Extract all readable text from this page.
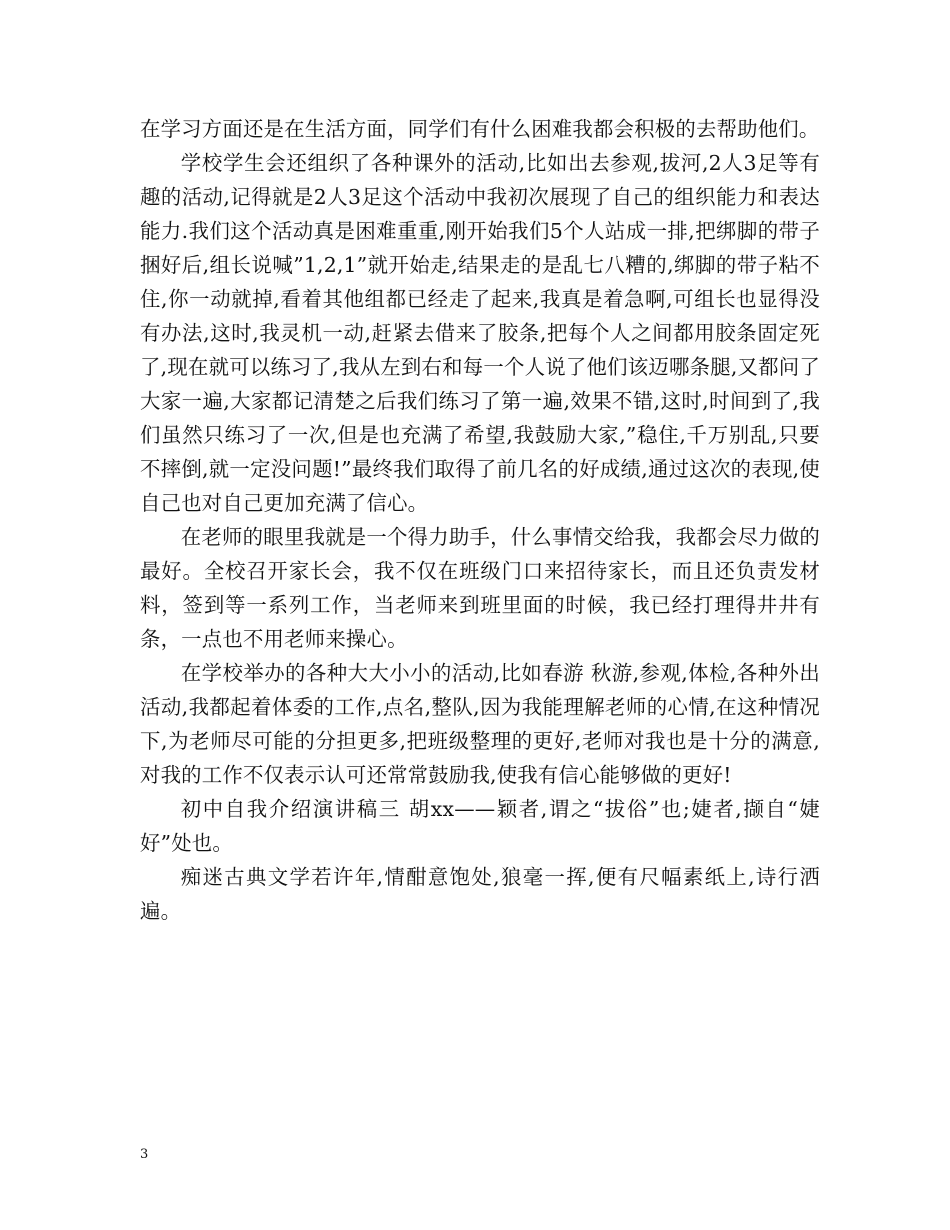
在学习方面还是在生活方面，同学们有什么困难我都会积极的去帮助他们。

学校学生会还组织了各种课外的活动,比如出去参观,拔河,2人3足等有趣的活动,记得就是2人3足这个活动中我初次展现了自己的组织能力和表达能力.我们这个活动真是困难重重,刚开始我们5个人站成一排,把绑脚的带子捆好后,组长说喊”1,2,1”就开始走,结果走的是乱七八糟的,绑脚的带子粘不住,你一动就掉,看着其他组都已经走了起来,我真是着急啊,可组长也显得没有办法,这时,我灵机一动,赶紧去借来了胶条,把每个人之间都用胶条固定死了,现在就可以练习了,我从左到右和每一个人说了他们该迈哪条腿,又都问了大家一遍,大家都记清楚之后我们练习了第一遍,效果不错,这时,时间到了,我们虽然只练习了一次,但是也充满了希望,我鼓励大家,”稳住,千万别乱,只要不摔倒,就一定没问题!”最终我们取得了前几名的好成绩,通过这次的表现,使自己也对自己更加充满了信心。

在老师的眼里我就是一个得力助手，什么事情交给我，我都会尽力做的最好。全校召开家长会，我不仅在班级门口来招待家长，而且还负责发材料，签到等一系列工作，当老师来到班里面的时候，我已经打理得井井有条，一点也不用老师来操心。

在学校举办的各种大大小小的活动,比如春游 秋游,参观,体检,各种外出活动,我都起着体委的工作,点名,整队,因为我能理解老师的心情,在这种情况下,为老师尽可能的分担更多,把班级整理的更好,老师对我也是十分的满意,对我的工作不仅表示认可还常常鼓励我,使我有信心能够做的更好!

初中自我介绍演讲稿三 胡xx——颖者,谓之“拔俗”也;婕者,撷自“婕好”处也。

痴迷古典文学若许年,情酣意饱处,狼毫一挥,便有尺幅素纸上,诗行洒遍。

3
